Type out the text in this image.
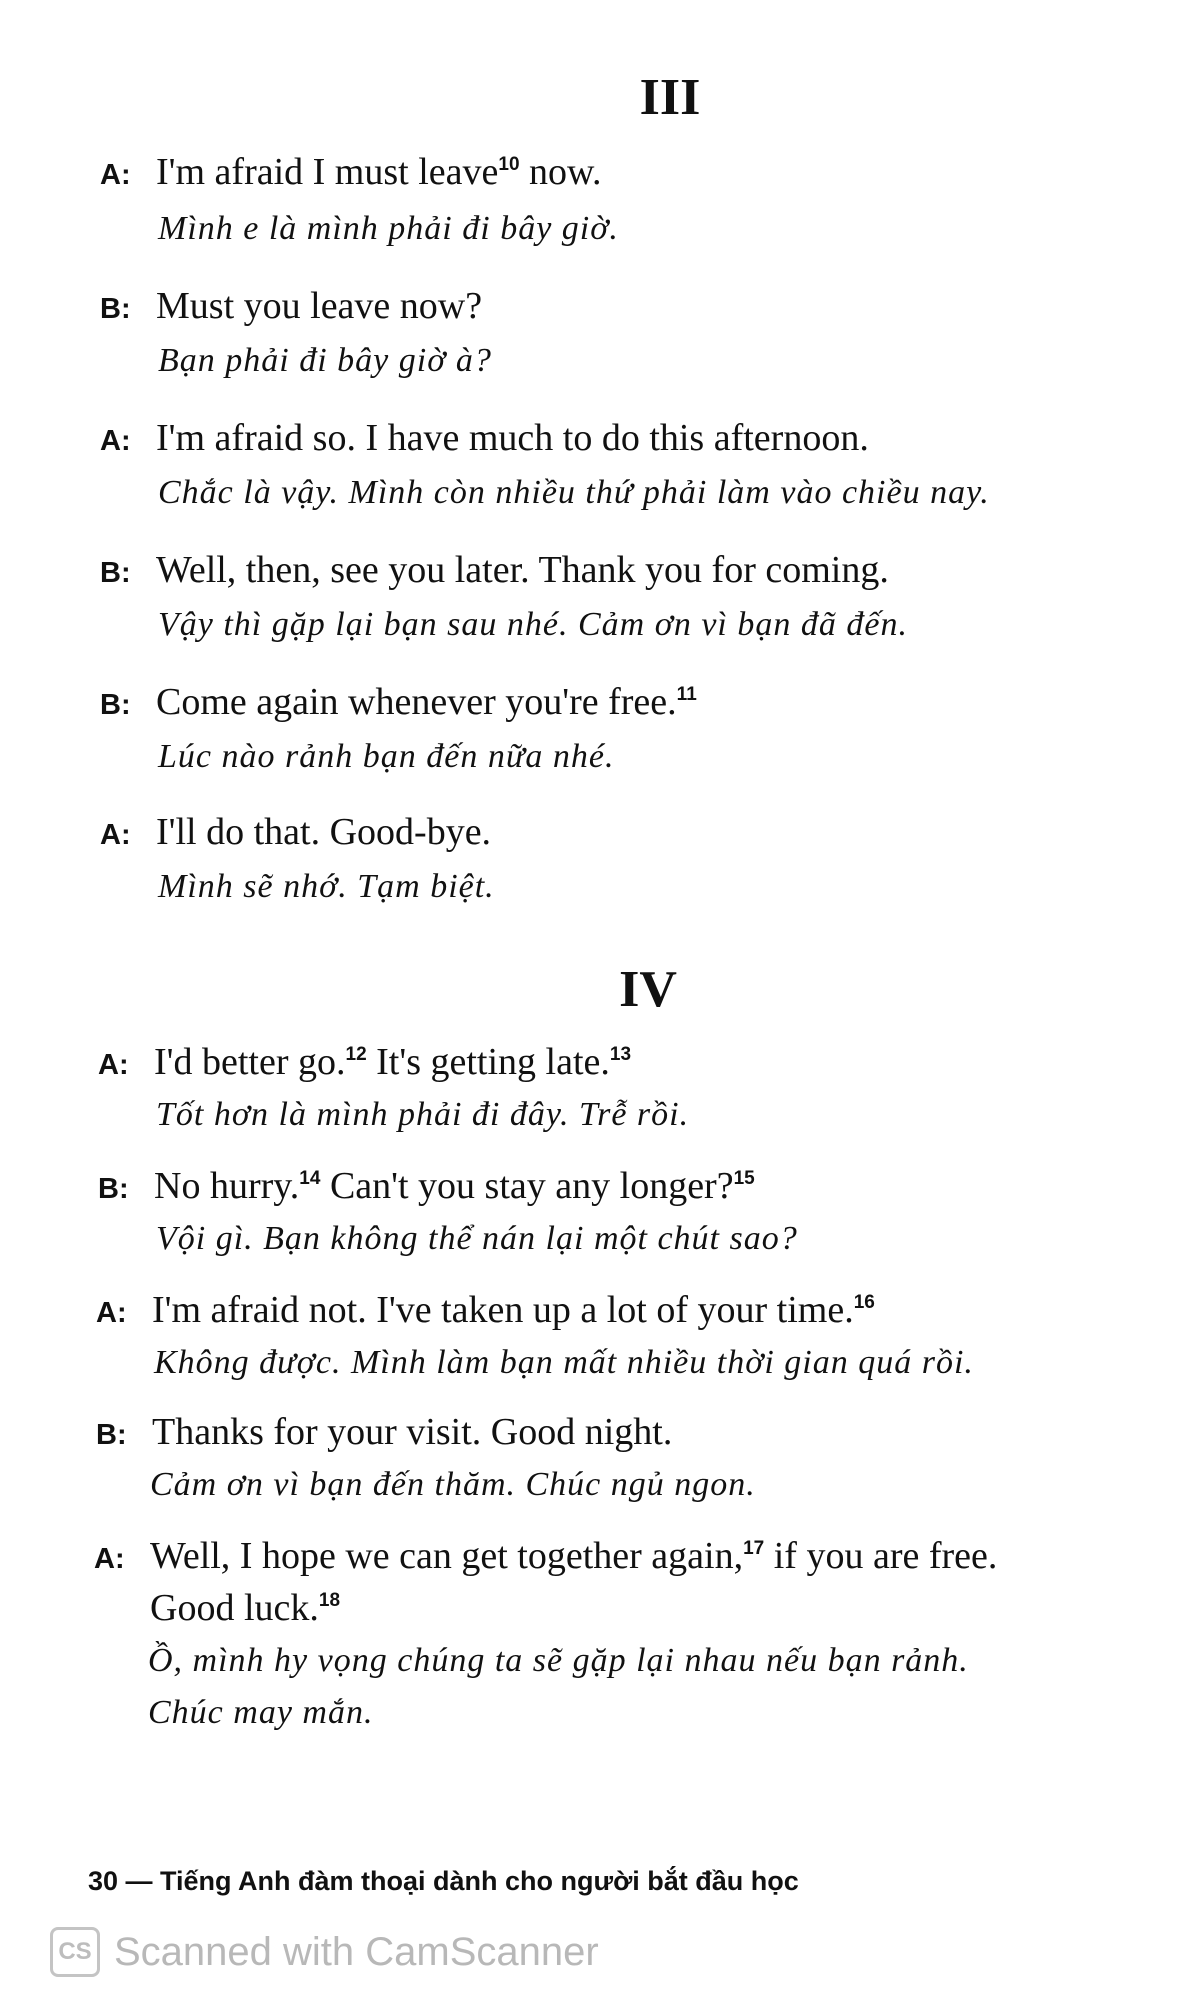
III

A: I'm afraid I must leave$^{10}$ now.

Mình e là mình phải đi bây giờ.

B: Must you leave now?

Bạn phải đi bây giờ à?

A: I'm afraid so. I have much to do this afternoon.

Chắc là vậy. Mình còn nhiều thứ phải làm vào chiều nay.

B: Well, then, see you later. Thank you for coming.

Vậy thì gặp lại bạn sau nhé. Cảm ơn vì bạn đã đến.

B: Come again whenever you're free.$^{11}$

Lúc nào rảnh bạn đến nữa nhé.

A: I'll do that. Good-bye.

Mình sẽ nhớ. Tạm biệt.

IV

A: I'd better go.$^{12}$ It's getting late.$^{13}$

Tốt hơn là mình phải đi đây. Trễ rồi.

B: No hurry.$^{14}$ Can't you stay any longer?$^{15}$

Vội gì. Bạn không thể nán lại một chút sao?

A: I'm afraid not. I've taken up a lot of your time.$^{16}$

Không được. Mình làm bạn mất nhiều thời gian quá rồi.

B: Thanks for your visit. Good night.

Cảm ơn vì bạn đến thăm. Chúc ngủ ngon.

A: Well, I hope we can get together again,$^{17}$ if you are free.

Good luck.$^{18}$

Ồ, mình hy vọng chúng ta sẽ gặp lại nhau nếu bạn rảnh.

Chúc may mắn.

30 — Tiếng Anh đàm thoại dành cho người bắt đầu học
CS Scanned with CamScanner
